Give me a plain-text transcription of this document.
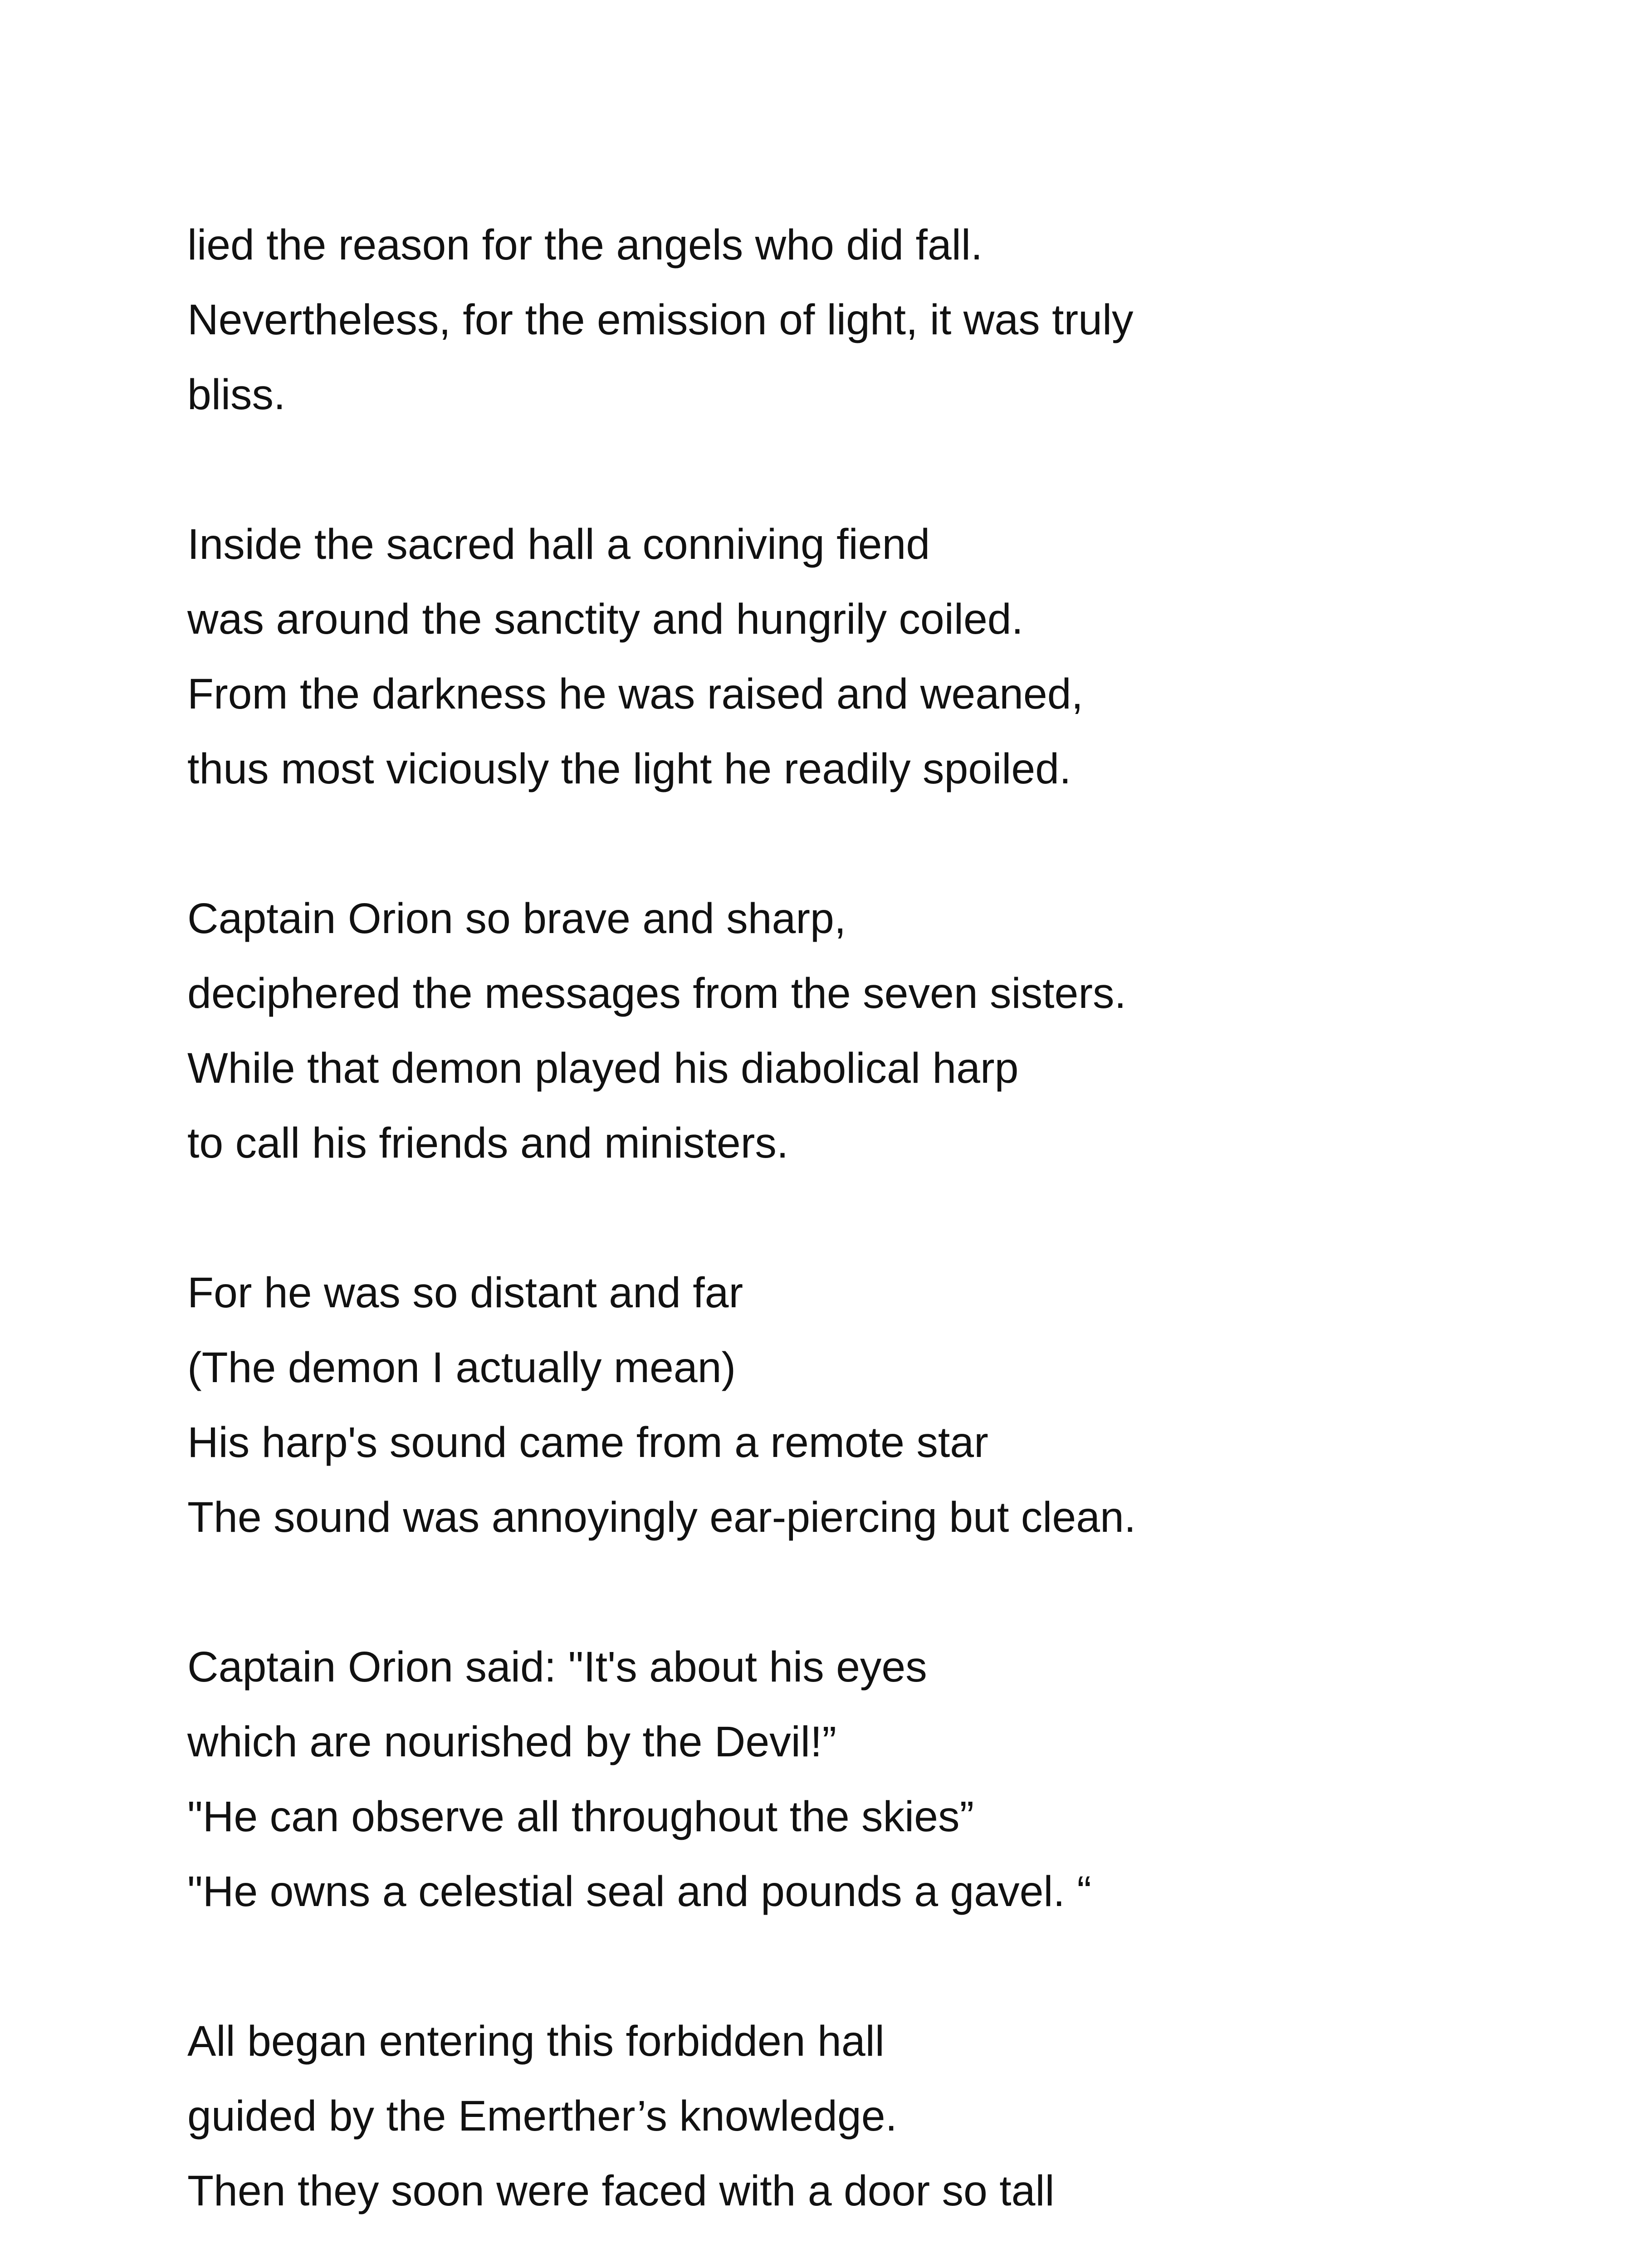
lied the reason for the angels who did fall.
Nevertheless, for the emission of light, it was truly
bliss.
Inside the sacred hall a conniving fiend
was around the sanctity and hungrily coiled.
From the darkness he was raised and weaned,
thus most viciously the light he readily spoiled.
Captain Orion so brave and sharp,
deciphered the messages from the seven sisters.
While that demon played his diabolical harp
to call his friends and ministers.
For he was so distant and far
(The demon I actually mean)
His harp's sound came from a remote star
The sound was annoyingly ear-piercing but clean.
Captain Orion said: "It's about his eyes
which are nourished by the Devil!”
"He can observe all throughout the skies”
"He owns a celestial seal and pounds a gavel. “
All began entering this forbidden hall
guided by the Emerther’s knowledge.
Then they soon were faced with a door so tall
